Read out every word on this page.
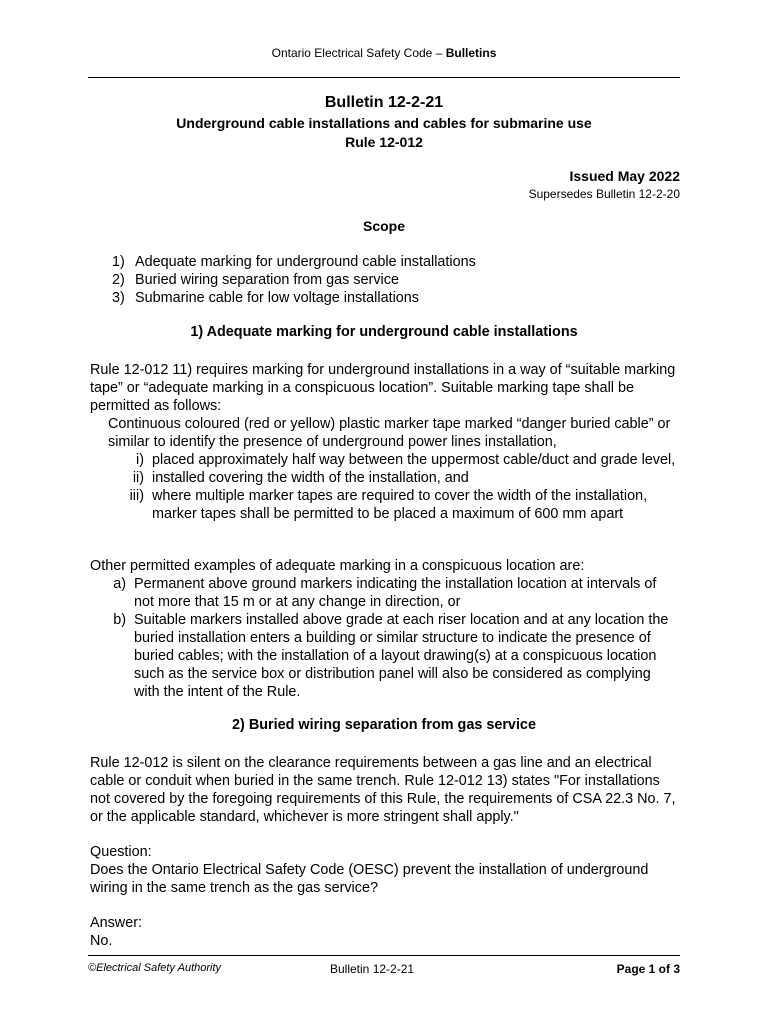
Ontario Electrical Safety Code – Bulletins
Bulletin 12-2-21
Underground cable installations and cables for submarine use
Rule 12-012
Issued May 2022
Supersedes Bulletin 12-2-20
Scope
1) Adequate marking for underground cable installations
2) Buried wiring separation from gas service
3) Submarine cable for low voltage installations
1) Adequate marking for underground cable installations
Rule 12-012 11) requires marking for underground installations in a way of “suitable marking tape” or “adequate marking in a conspicuous location”. Suitable marking tape shall be permitted as follows:
Continuous coloured (red or yellow) plastic marker tape marked “danger buried cable” or similar to identify the presence of underground power lines installation,
i) placed approximately half way between the uppermost cable/duct and grade level,
ii) installed covering the width of the installation, and
iii) where multiple marker tapes are required to cover the width of the installation, marker tapes shall be permitted to be placed a maximum of 600 mm apart
Other permitted examples of adequate marking in a conspicuous location are:
a) Permanent above ground markers indicating the installation location at intervals of not more that 15 m or at any change in direction, or
b) Suitable markers installed above grade at each riser location and at any location the buried installation enters a building or similar structure to indicate the presence of buried cables; with the installation of a layout drawing(s) at a conspicuous location such as the service box or distribution panel will also be considered as complying with the intent of the Rule.
2) Buried wiring separation from gas service
Rule 12-012 is silent on the clearance requirements between a gas line and an electrical cable or conduit when buried in the same trench. Rule 12-012 13) states "For installations not covered by the foregoing requirements of this Rule, the requirements of CSA 22.3 No. 7, or the applicable standard, whichever is more stringent shall apply."
Question:
Does the Ontario Electrical Safety Code (OESC) prevent the installation of underground wiring in the same trench as the gas service?
Answer:
No.
©Electrical Safety Authority	Bulletin 12-2-21	Page 1 of 3
